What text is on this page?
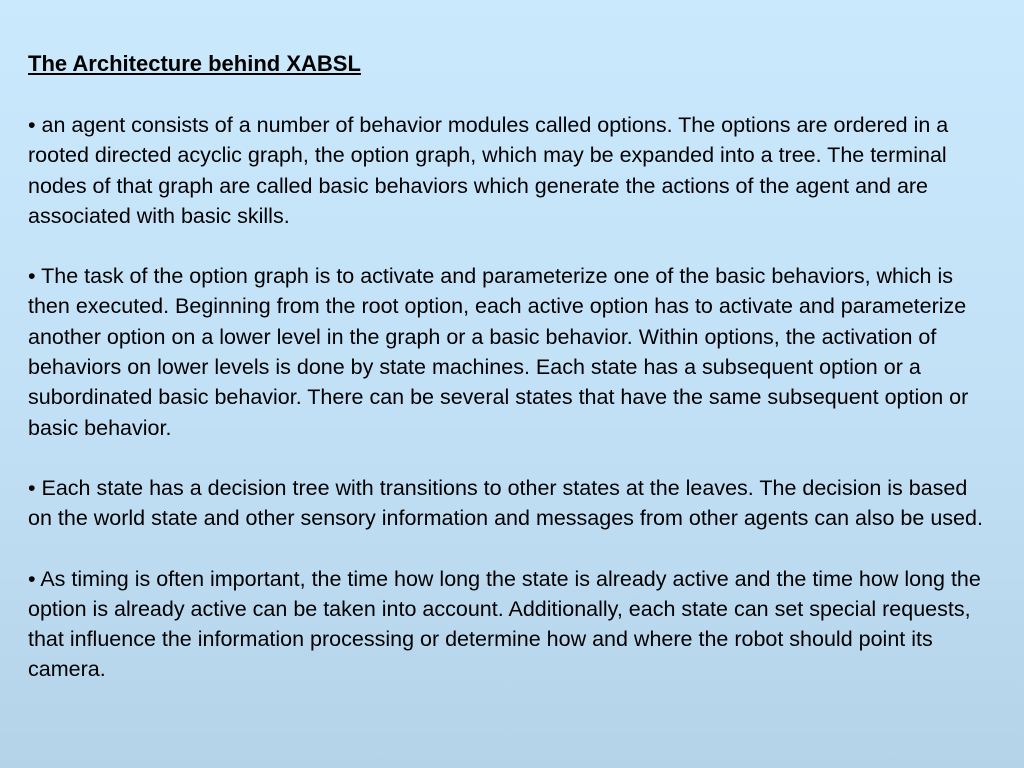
The Architecture behind XABSL
• an agent consists of a number of behavior modules called options. The options are ordered in a rooted directed acyclic graph, the option graph, which may be expanded into a tree. The terminal nodes of that graph are called basic behaviors which generate the actions of the agent and are associated with basic skills.
• The task of the option graph is to activate and parameterize one of the basic behaviors, which is then executed. Beginning from the root option, each active option has to activate and parameterize another option on a lower level in the graph or a basic behavior. Within options, the activation of behaviors on lower levels is done by state machines. Each state has a subsequent option or a subordinated basic behavior. There can be several states that have the same subsequent option or basic behavior.
• Each state has a decision tree with transitions to other states at the leaves. The decision is based on the world state and other sensory information and messages from other agents can also be used.
• As timing is often important, the time how long the state is already active and the time how long the option is already active can be taken into account. Additionally, each state can set special requests, that influence the information processing or determine how and where the robot should point its camera.
